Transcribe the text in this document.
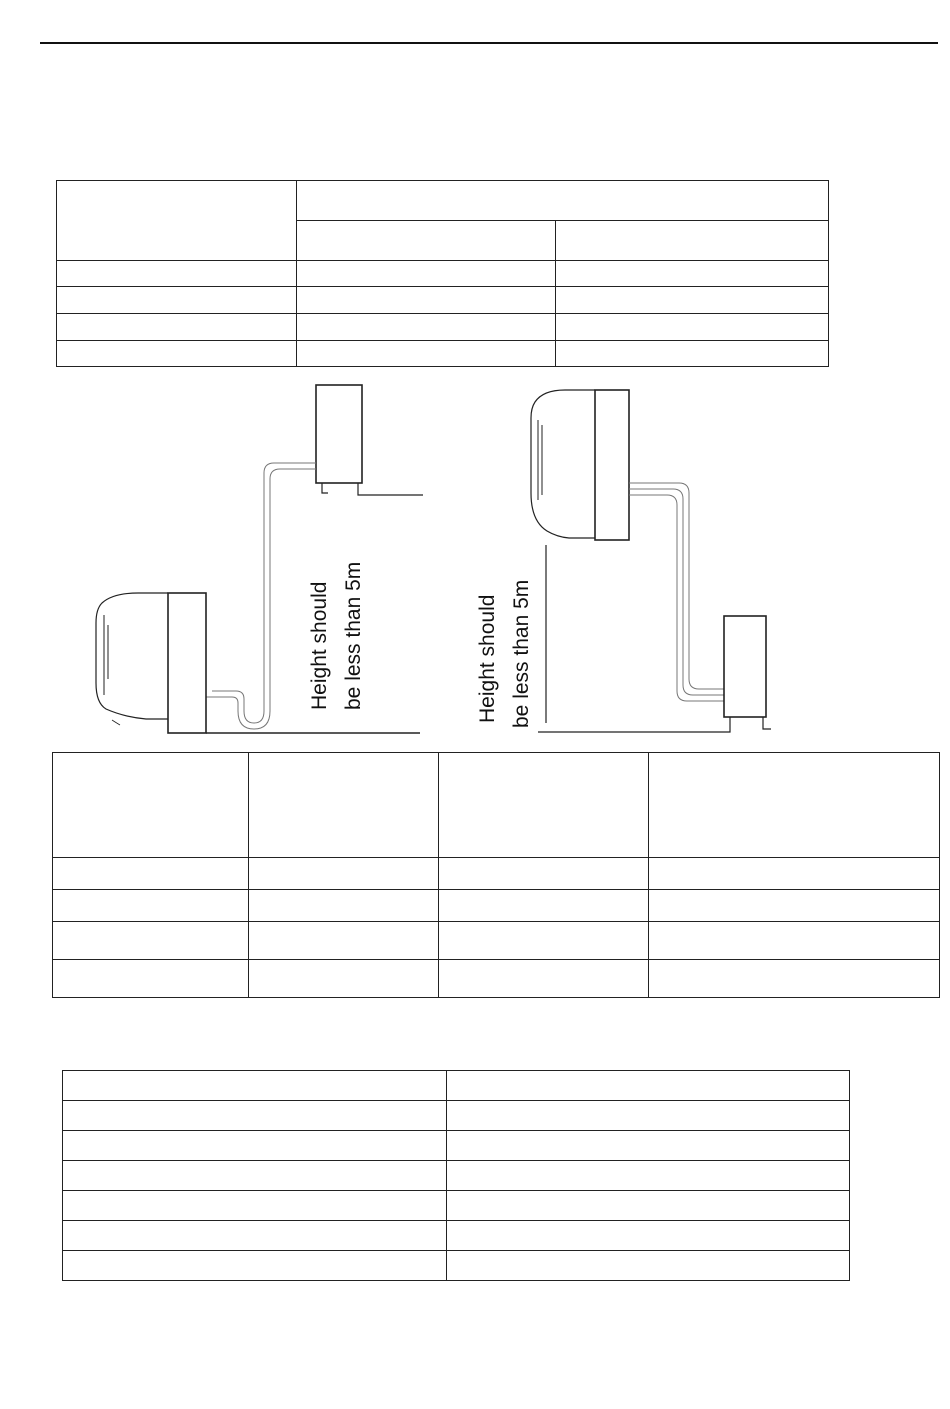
Height should be less than 5m	Height should be less than 5m
